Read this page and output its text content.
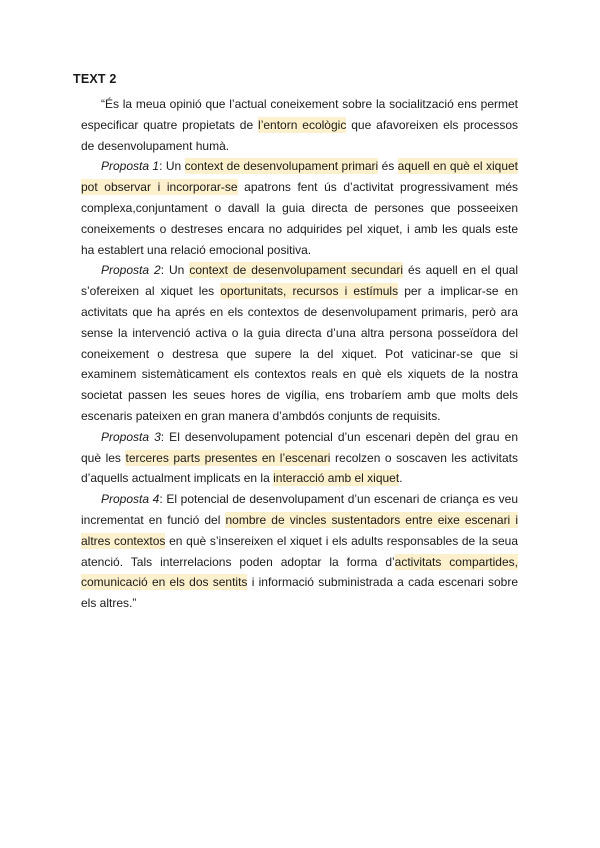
TEXT 2

“És la meua opinió que l’actual coneixement sobre la socialització ens permet especificar quatre propietats de l’entorn ecològic que afavoreixen els processos de desenvolupament humà.

Proposta 1: Un context de desenvolupament primari és aquell en què el xiquet pot observar i incorporar-se apatrons fent ús d’activitat progressivament més complexa,conjuntament o davall la guia directa de persones que posseeixen coneixements o destreses encara no adquirides pel xiquet, i amb les quals este ha establert una relació emocional positiva.

Proposta 2: Un context de desenvolupament secundari és aquell en el qual s’ofereixen al xiquet les oportunitats, recursos i estímuls per a implicar-se en activitats que ha aprés en els contextos de desenvolupament primaris, però ara sense la intervenció activa o la guia directa d’una altra persona posseïdora del coneixement o destresa que supere la del xiquet. Pot vaticinar-se que si examinem sistemàticament els contextos reals en què els xiquets de la nostra societat passen les seues hores de vigília, ens trobaríem amb que molts dels escenaris pateixen en gran manera d’ambdós conjunts de requisits.

Proposta 3: El desenvolupament potencial d’un escenari depèn del grau en què les terceres parts presentes en l’escenari recolzen o soscaven les activitats d’aquells actualment implicats en la interacció amb el xiquet.

Proposta 4: El potencial de desenvolupament d’un escenari de criança es veu incrementat en funció del nombre de vincles sustentadors entre eixe escenari i altres contextos en què s’insereixen el xiquet i els adults responsables de la seua atenció. Tals interrelacions poden adoptar la forma d’activitats compartides, comunicació en els dos sentits i informació subministrada a cada escenari sobre els altres.”
